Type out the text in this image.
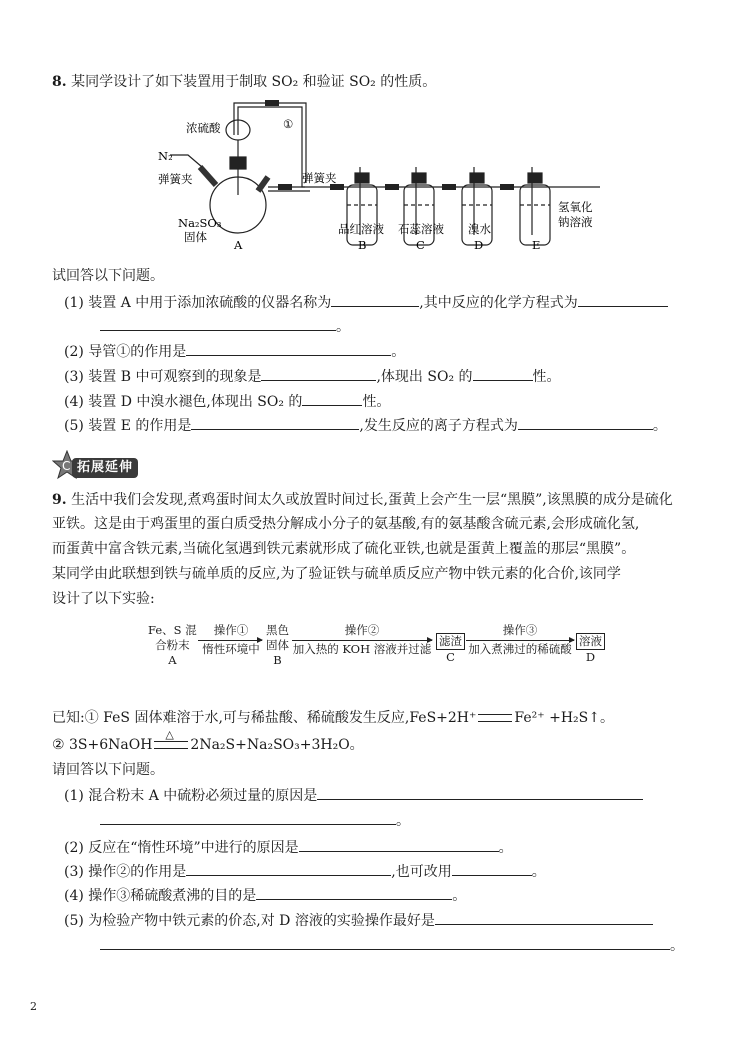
8. 某同学设计了如下装置用于制取 SO₂ 和验证 SO₂ 的性质。
浓硫酸	①
N₂
弹簧夹	弹簧夹
Na₂SO₃
固体
A
品红溶液
B
石蕊溶液
C
溴水
D
氢氧化
钠溶液
E
试回答以下问题。
(1) 装置 A 中用于添加浓硫酸的仪器名称为	,其中反应的化学方程式为
。
(2) 导管①的作用是	。
(3) 装置 B 中可观察到的现象是	,体现出 SO₂ 的	性。
(4) 装置 D 中溴水褪色,体现出 SO₂ 的	性。
(5) 装置 E 的作用是	,发生反应的离子方程式为	。
C 拓展延伸
9. 生活中我们会发现,煮鸡蛋时间太久或放置时间过长,蛋黄上会产生一层“黑膜”,该黑膜的成分是硫化
亚铁。这是由于鸡蛋里的蛋白质受热分解成小分子的氨基酸,有的氨基酸含硫元素,会形成硫化氢,
而蛋黄中富含铁元素,当硫化氢遇到铁元素就形成了硫化亚铁,也就是蛋黄上覆盖的那层“黑膜”。
某同学由此联想到铁与硫单质的反应,为了验证铁与硫单质反应产物中铁元素的化合价,该同学
设计了以下实验:
Fe、S 混
合粉末
A
操作①
惰性环境中
黑色
固体
B
操作②
加入热的 KOH 溶液并过滤
滤渣
C
操作③
加入煮沸过的稀硫酸
溶液
D
已知:① FeS 固体难溶于水,可与稀盐酸、稀硫酸发生反应,FeS+2H⁺	Fe²⁺ +H₂S↑。
② 3S+6NaOH
△
2Na₂S+Na₂SO₃+3H₂O。
请回答以下问题。
(1) 混合粉末 A 中硫粉必须过量的原因是
。
(2) 反应在“惰性环境”中进行的原因是	。
(3) 操作②的作用是	,也可改用	。
(4) 操作③稀硫酸煮沸的目的是	。
(5) 为检验产物中铁元素的价态,对 D 溶液的实验操作最好是
。
2
